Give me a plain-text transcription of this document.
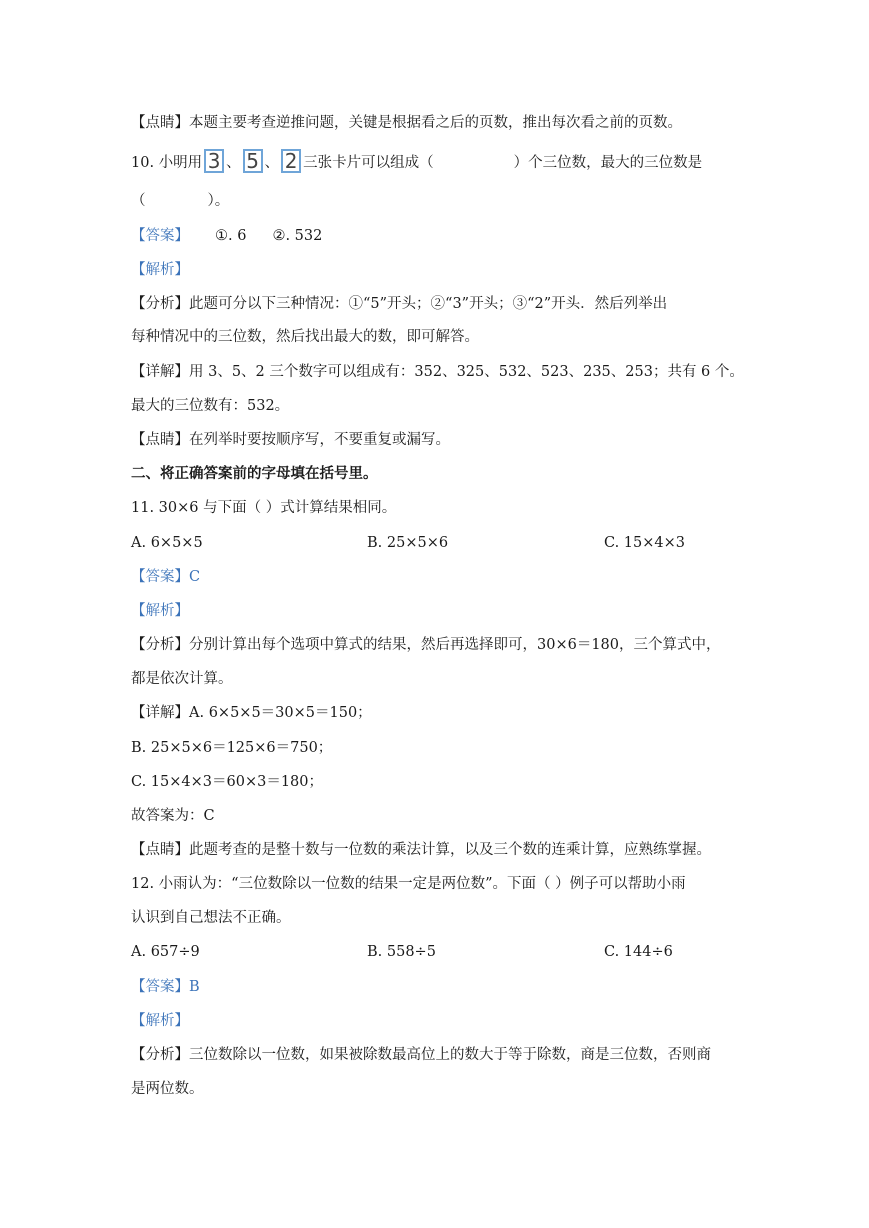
【点睛】本题主要考查逆推问题，关键是根据看之后的页数，推出每次看之前的页数。
10. 小明用 3 、 5 、 2 三张卡片可以组成（	）个三位数，最大的三位数是
（	）。
【答案】 ①. 6 ②. 532
【解析】
【分析】此题可分以下三种情况：①“5”开头；②“3”开头；③“2”开头．然后列举出
每种情况中的三位数，然后找出最大的数，即可解答。
【详解】用 3、5、2 三个数字可以组成有：352、325、532、523、235、253；共有 6 个。
最大的三位数有：532。
【点睛】在列举时要按顺序写，不要重复或漏写。
二、将正确答案前的字母填在括号里。
11. 30×6 与下面（ ）式计算结果相同。
A. 6×5×5	B. 25×5×6	C. 15×4×3
【答案】C
【解析】
【分析】分别计算出每个选项中算式的结果，然后再选择即可，30×6＝180，三个算式中，
都是依次计算。
【详解】A. 6×5×5＝30×5＝150；
B. 25×5×6＝125×6＝750；
C. 15×4×3＝60×3＝180；
故答案为：C
【点睛】此题考查的是整十数与一位数的乘法计算，以及三个数的连乘计算，应熟练掌握。
12. 小雨认为：“三位数除以一位数的结果一定是两位数”。下面（ ）例子可以帮助小雨
认识到自己想法不正确。
A. 657÷9	B. 558÷5	C. 144÷6
【答案】B
【解析】
【分析】三位数除以一位数，如果被除数最高位上的数大于等于除数，商是三位数，否则商
是两位数。
